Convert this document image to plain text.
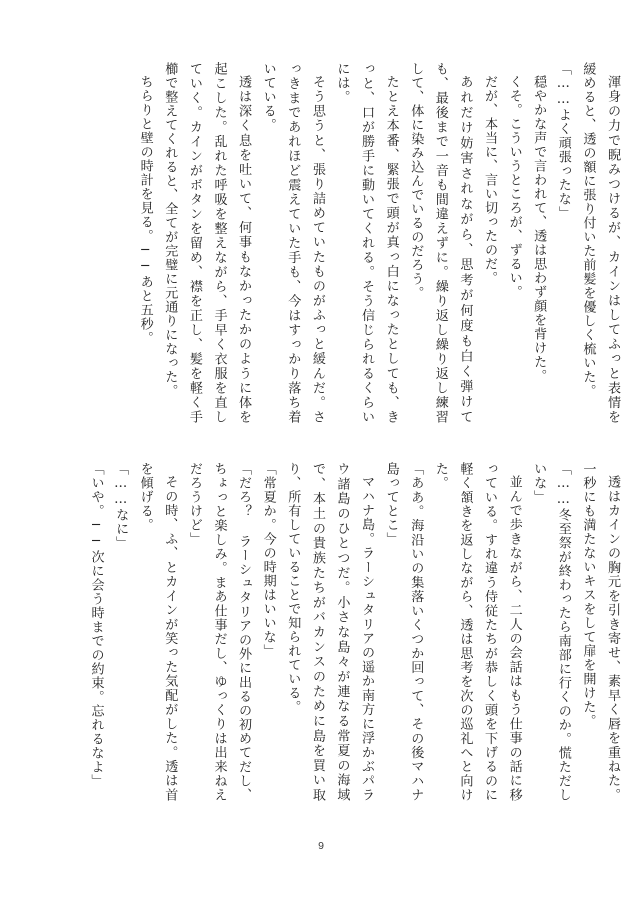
渾身の力で睨みつけるが、カインはしてふっと表情を緩めると、透の額に張り付いた前髪を優しく梳いた。

「……よく頑張ったな」

穏やかな声で言われて、透は思わず顔を背けた。

くそ。こういうところが、ずるい。

だが、本当に、言い切ったのだ。

あれだけ妨害されながら、思考が何度も白く弾けても、最後まで一音も間違えずに。繰り返し繰り返し練習して、体に染み込んでいるのだろう。

たとえ本番、緊張で頭が真っ白になったとしても、きっと、口が勝手に動いてくれる。そう信じられるくらいには。

そう思うと、張り詰めていたものがふっと緩んだ。さっきまであれほど震えていた手も、今はすっかり落ち着いている。

透は深く息を吐いて、何事もなかったかのように体を起こした。乱れた呼吸を整えながら、手早く衣服を直していく。カインがボタンを留め、襟を正し、髪を軽く手櫛で整えてくれると、全てが完璧に元通りになった。

ちらりと壁の時計を見る。──あと五秒。

透はカインの胸元を引き寄せ、素早く唇を重ねた。一秒にも満たないキスをして扉を開けた。

「……冬至祭が終わったら南部に行くのか。慌ただしいな」

並んで歩きながら、二人の会話はもう仕事の話に移っている。すれ違う侍従たちが恭しく頭を下げるのに軽く頷きを返しながら、透は思考を次の巡礼へと向けた。

「ああ。海沿いの集落いくつか回って、その後マハナ島ってとこ」

マハナ島。ラーシュタリアの遥か南方に浮かぶパラウ諸島のひとつだ。小さな島々が連なる常夏の海域で、本土の貴族たちがバカンスのために島を買い取り、所有していることで知られている。

「常夏か。今の時期はいいな」

「だろ？ ラーシュタリアの外に出るの初めてだし、ちょっと楽しみ。まあ仕事だし、ゆっくりは出来ねえだろうけど」

その時、ふ、とカインが笑った気配がした。透は首を傾げる。

「……なに」

「いや。──次に会う時までの約束。忘れるなよ」

9
